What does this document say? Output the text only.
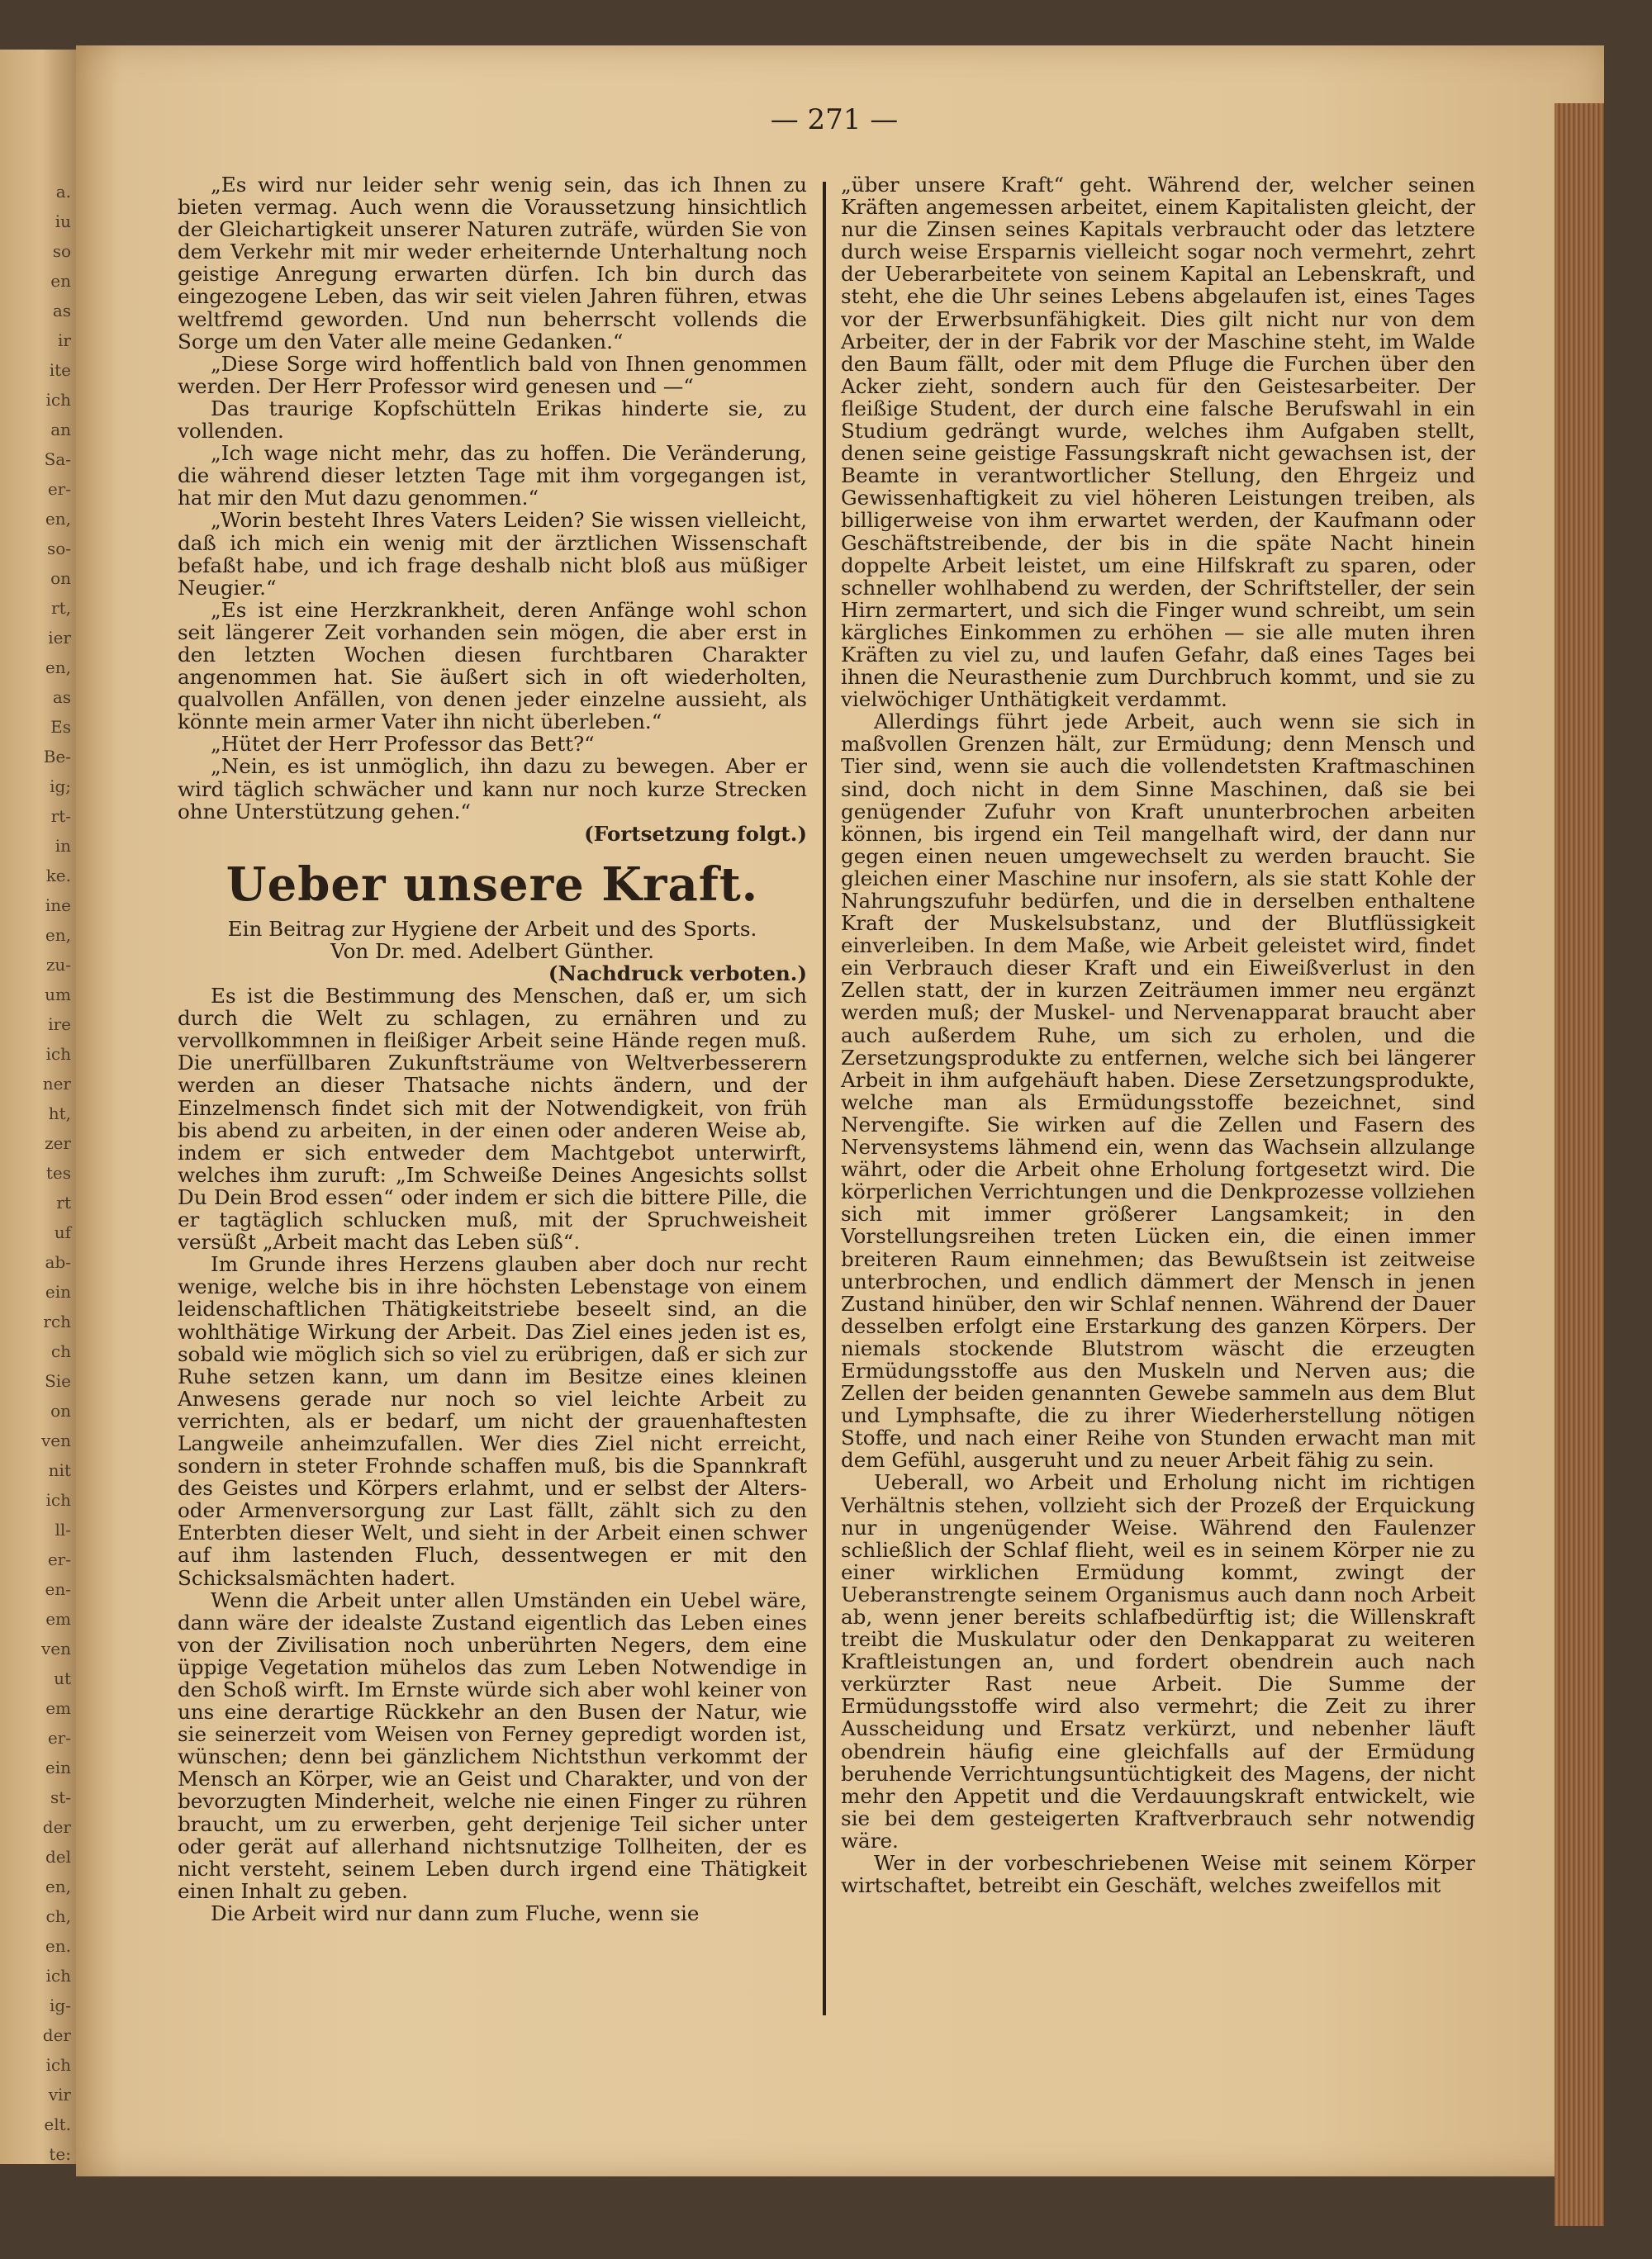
a.
iu
so
en
as
ir
ite
ich
an
Sa-
er-
en,
so-
on
rt,
ier
en,
as
Es
Be-
ig;
rt-
in
ke.
ine
en,
zu-
um
ire
ich
ner
ht,
zer
tes
rt
uf
ab-
ein
rch
ch
Sie
on
ven
nit
ich
ll-
er-
en-
em
ven
ut
em
er-
ein
st-
der
del
en,
ch,
en.
ich
ig-
der
ich
vir
elt.
te:
— 271 —

„Es wird nur leider sehr wenig sein, das ich Ihnen zu bieten vermag. Auch wenn die Voraussetzung hinsichtlich der Gleichartigkeit unserer Naturen zuträfe, würden Sie von dem Verkehr mit mir weder erheiternde Unterhaltung noch geistige Anregung erwarten dürfen. Ich bin durch das eingezogene Leben, das wir seit vielen Jahren führen, etwas weltfremd geworden. Und nun beherrscht vollends die Sorge um den Vater alle meine Gedanken.“

„Diese Sorge wird hoffentlich bald von Ihnen genommen werden. Der Herr Professor wird genesen und —“

Das traurige Kopfschütteln Erikas hinderte sie, zu vollenden.

„Ich wage nicht mehr, das zu hoffen. Die Veränderung, die während dieser letzten Tage mit ihm vorgegangen ist, hat mir den Mut dazu genommen.“

„Worin besteht Ihres Vaters Leiden? Sie wissen vielleicht, daß ich mich ein wenig mit der ärztlichen Wissenschaft befaßt habe, und ich frage deshalb nicht bloß aus müßiger Neugier.“

„Es ist eine Herzkrankheit, deren Anfänge wohl schon seit längerer Zeit vorhanden sein mögen, die aber erst in den letzten Wochen diesen furchtbaren Charakter angenommen hat. Sie äußert sich in oft wiederholten, qualvollen Anfällen, von denen jeder einzelne aussieht, als könnte mein armer Vater ihn nicht überleben.“

„Hütet der Herr Professor das Bett?“

„Nein, es ist unmöglich, ihn dazu zu bewegen. Aber er wird täglich schwächer und kann nur noch kurze Strecken ohne Unterstützung gehen.“

(Fortsetzung folgt.)

Ueber unsere Kraft.

Ein Beitrag zur Hygiene der Arbeit und des Sports.

Von Dr. med. Adelbert Günther.

(Nachdruck verboten.)

Es ist die Bestimmung des Menschen, daß er, um sich durch die Welt zu schlagen, zu ernähren und zu vervollkommnen in fleißiger Arbeit seine Hände regen muß. Die unerfüllbaren Zukunftsträume von Weltverbesserern werden an dieser Thatsache nichts ändern, und der Einzelmensch findet sich mit der Notwendigkeit, von früh bis abend zu arbeiten, in der einen oder anderen Weise ab, indem er sich entweder dem Machtgebot unterwirft, welches ihm zuruft: „Im Schweiße Deines Angesichts sollst Du Dein Brod essen“ oder indem er sich die bittere Pille, die er tagtäglich schlucken muß, mit der Spruchweisheit versüßt „Arbeit macht das Leben süß“.

Im Grunde ihres Herzens glauben aber doch nur recht wenige, welche bis in ihre höchsten Lebenstage von einem leidenschaftlichen Thätigkeitstriebe beseelt sind, an die wohlthätige Wirkung der Arbeit. Das Ziel eines jeden ist es, sobald wie möglich sich so viel zu erübrigen, daß er sich zur Ruhe setzen kann, um dann im Besitze eines kleinen Anwesens gerade nur noch so viel leichte Arbeit zu verrichten, als er bedarf, um nicht der grauenhaftesten Langweile anheimzufallen. Wer dies Ziel nicht erreicht, sondern in steter Frohnde schaffen muß, bis die Spannkraft des Geistes und Körpers erlahmt, und er selbst der Alters- oder Armenversorgung zur Last fällt, zählt sich zu den Enterbten dieser Welt, und sieht in der Arbeit einen schwer auf ihm lastenden Fluch, dessentwegen er mit den Schicksalsmächten hadert.

Wenn die Arbeit unter allen Umständen ein Uebel wäre, dann wäre der idealste Zustand eigentlich das Leben eines von der Zivilisation noch unberührten Negers, dem eine üppige Vegetation mühelos das zum Leben Notwendige in den Schoß wirft. Im Ernste würde sich aber wohl keiner von uns eine derartige Rückkehr an den Busen der Natur, wie sie seinerzeit vom Weisen von Ferney gepredigt worden ist, wünschen; denn bei gänzlichem Nichtsthun verkommt der Mensch an Körper, wie an Geist und Charakter, und von der bevorzugten Minderheit, welche nie einen Finger zu rühren braucht, um zu erwerben, geht derjenige Teil sicher unter oder gerät auf allerhand nichtsnutzige Tollheiten, der es nicht versteht, seinem Leben durch irgend eine Thätigkeit einen Inhalt zu geben.

Die Arbeit wird nur dann zum Fluche, wenn sie

„über unsere Kraft“ geht. Während der, welcher seinen Kräften angemessen arbeitet, einem Kapitalisten gleicht, der nur die Zinsen seines Kapitals verbraucht oder das letztere durch weise Ersparnis vielleicht sogar noch vermehrt, zehrt der Ueberarbeitete von seinem Kapital an Lebenskraft, und steht, ehe die Uhr seines Lebens abgelaufen ist, eines Tages vor der Erwerbsunfähigkeit. Dies gilt nicht nur von dem Arbeiter, der in der Fabrik vor der Maschine steht, im Walde den Baum fällt, oder mit dem Pfluge die Furchen über den Acker zieht, sondern auch für den Geistesarbeiter. Der fleißige Student, der durch eine falsche Berufswahl in ein Studium gedrängt wurde, welches ihm Aufgaben stellt, denen seine geistige Fassungskraft nicht gewachsen ist, der Beamte in verantwortlicher Stellung, den Ehrgeiz und Gewissenhaftigkeit zu viel höheren Leistungen treiben, als billigerweise von ihm erwartet werden, der Kaufmann oder Geschäftstreibende, der bis in die späte Nacht hinein doppelte Arbeit leistet, um eine Hilfskraft zu sparen, oder schneller wohlhabend zu werden, der Schriftsteller, der sein Hirn zermartert, und sich die Finger wund schreibt, um sein kärgliches Einkommen zu erhöhen — sie alle muten ihren Kräften zu viel zu, und laufen Gefahr, daß eines Tages bei ihnen die Neurasthenie zum Durchbruch kommt, und sie zu vielwöchiger Unthätigkeit verdammt.

Allerdings führt jede Arbeit, auch wenn sie sich in maßvollen Grenzen hält, zur Ermüdung; denn Mensch und Tier sind, wenn sie auch die vollendetsten Kraftmaschinen sind, doch nicht in dem Sinne Maschinen, daß sie bei genügender Zufuhr von Kraft ununterbrochen arbeiten können, bis irgend ein Teil mangelhaft wird, der dann nur gegen einen neuen umgewechselt zu werden braucht. Sie gleichen einer Maschine nur insofern, als sie statt Kohle der Nahrungszufuhr bedürfen, und die in derselben enthaltene Kraft der Muskelsubstanz, und der Blutflüssigkeit einverleiben. In dem Maße, wie Arbeit geleistet wird, findet ein Verbrauch dieser Kraft und ein Eiweißverlust in den Zellen statt, der in kurzen Zeiträumen immer neu ergänzt werden muß; der Muskel- und Nervenapparat braucht aber auch außerdem Ruhe, um sich zu erholen, und die Zersetzungsprodukte zu entfernen, welche sich bei längerer Arbeit in ihm aufgehäuft haben. Diese Zersetzungsprodukte, welche man als Ermüdungsstoffe bezeichnet, sind Nervengifte. Sie wirken auf die Zellen und Fasern des Nervensystems lähmend ein, wenn das Wachsein allzulange währt, oder die Arbeit ohne Erholung fortgesetzt wird. Die körperlichen Verrichtungen und die Denkprozesse vollziehen sich mit immer größerer Langsamkeit; in den Vorstellungsreihen treten Lücken ein, die einen immer breiteren Raum einnehmen; das Bewußtsein ist zeitweise unterbrochen, und endlich dämmert der Mensch in jenen Zustand hinüber, den wir Schlaf nennen. Während der Dauer desselben erfolgt eine Erstarkung des ganzen Körpers. Der niemals stockende Blutstrom wäscht die erzeugten Ermüdungsstoffe aus den Muskeln und Nerven aus; die Zellen der beiden genannten Gewebe sammeln aus dem Blut und Lymphsafte, die zu ihrer Wiederherstellung nötigen Stoffe, und nach einer Reihe von Stunden erwacht man mit dem Gefühl, ausgeruht und zu neuer Arbeit fähig zu sein.

Ueberall, wo Arbeit und Erholung nicht im richtigen Verhältnis stehen, vollzieht sich der Prozeß der Erquickung nur in ungenügender Weise. Während den Faulenzer schließlich der Schlaf flieht, weil es in seinem Körper nie zu einer wirklichen Ermüdung kommt, zwingt der Ueberanstrengte seinem Organismus auch dann noch Arbeit ab, wenn jener bereits schlafbedürftig ist; die Willenskraft treibt die Muskulatur oder den Denkapparat zu weiteren Kraftleistungen an, und fordert obendrein auch nach verkürzter Rast neue Arbeit. Die Summe der Ermüdungsstoffe wird also vermehrt; die Zeit zu ihrer Ausscheidung und Ersatz verkürzt, und nebenher läuft obendrein häufig eine gleichfalls auf der Ermüdung beruhende Verrichtungsuntüchtigkeit des Magens, der nicht mehr den Appetit und die Verdauungskraft entwickelt, wie sie bei dem gesteigerten Kraftverbrauch sehr notwendig wäre.

Wer in der vorbeschriebenen Weise mit seinem Körper wirtschaftet, betreibt ein Geschäft, welches zweifellos mit
